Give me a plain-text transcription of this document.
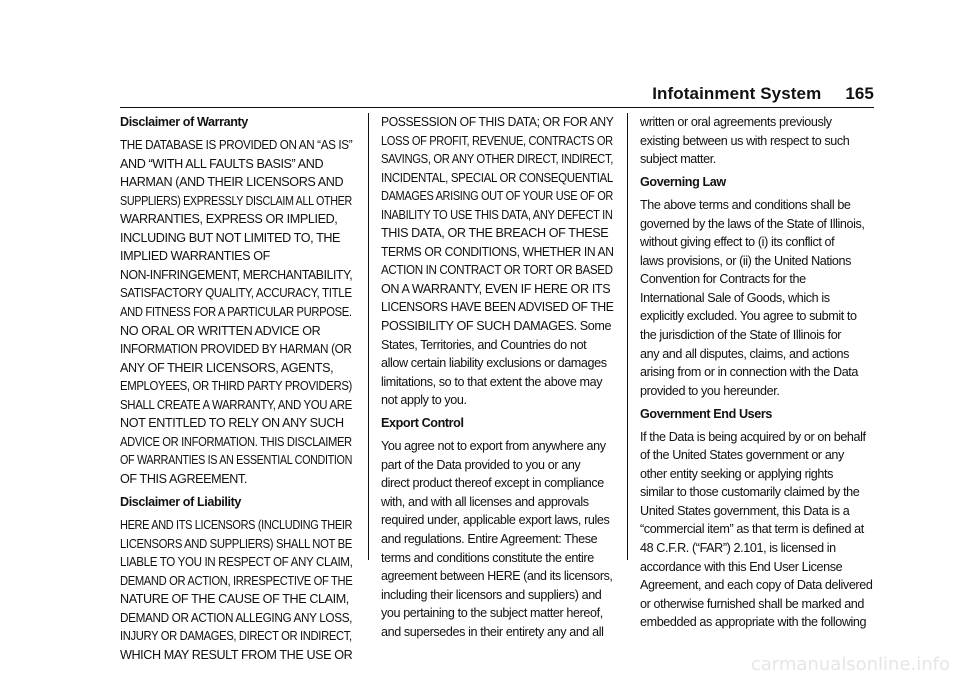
Infotainment System 165
Disclaimer of Warranty
THE DATABASE IS PROVIDED ON AN “AS IS”
AND “WITH ALL FAULTS BASIS” AND
HARMAN (AND THEIR LICENSORS AND
SUPPLIERS) EXPRESSLY DISCLAIM ALL OTHER
WARRANTIES, EXPRESS OR IMPLIED,
INCLUDING BUT NOT LIMITED TO, THE
IMPLIED WARRANTIES OF
NON-INFRINGEMENT, MERCHANTABILITY,
SATISFACTORY QUALITY, ACCURACY, TITLE
AND FITNESS FOR A PARTICULAR PURPOSE.
NO ORAL OR WRITTEN ADVICE OR
INFORMATION PROVIDED BY HARMAN (OR
ANY OF THEIR LICENSORS, AGENTS,
EMPLOYEES, OR THIRD PARTY PROVIDERS)
SHALL CREATE A WARRANTY, AND YOU ARE
NOT ENTITLED TO RELY ON ANY SUCH
ADVICE OR INFORMATION. THIS DISCLAIMER
OF WARRANTIES IS AN ESSENTIAL CONDITION
OF THIS AGREEMENT.
Disclaimer of Liability
HERE AND ITS LICENSORS (INCLUDING THEIR
LICENSORS AND SUPPLIERS) SHALL NOT BE
LIABLE TO YOU IN RESPECT OF ANY CLAIM,
DEMAND OR ACTION, IRRESPECTIVE OF THE
NATURE OF THE CAUSE OF THE CLAIM,
DEMAND OR ACTION ALLEGING ANY LOSS,
INJURY OR DAMAGES, DIRECT OR INDIRECT,
WHICH MAY RESULT FROM THE USE OR
POSSESSION OF THIS DATA; OR FOR ANY
LOSS OF PROFIT, REVENUE, CONTRACTS OR
SAVINGS, OR ANY OTHER DIRECT, INDIRECT,
INCIDENTAL, SPECIAL OR CONSEQUENTIAL
DAMAGES ARISING OUT OF YOUR USE OF OR
INABILITY TO USE THIS DATA, ANY DEFECT IN
THIS DATA, OR THE BREACH OF THESE
TERMS OR CONDITIONS, WHETHER IN AN
ACTION IN CONTRACT OR TORT OR BASED
ON A WARRANTY, EVEN IF HERE OR ITS
LICENSORS HAVE BEEN ADVISED OF THE
POSSIBILITY OF SUCH DAMAGES. Some
States, Territories, and Countries do not
allow certain liability exclusions or damages
limitations, so to that extent the above may
not apply to you.
Export Control
You agree not to export from anywhere any
part of the Data provided to you or any
direct product thereof except in compliance
with, and with all licenses and approvals
required under, applicable export laws, rules
and regulations. Entire Agreement: These
terms and conditions constitute the entire
agreement between HERE (and its licensors,
including their licensors and suppliers) and
you pertaining to the subject matter hereof,
and supersedes in their entirety any and all
written or oral agreements previously
existing between us with respect to such
subject matter.
Governing Law
The above terms and conditions shall be
governed by the laws of the State of Illinois,
without giving effect to (i) its conflict of
laws provisions, or (ii) the United Nations
Convention for Contracts for the
International Sale of Goods, which is
explicitly excluded. You agree to submit to
the jurisdiction of the State of Illinois for
any and all disputes, claims, and actions
arising from or in connection with the Data
provided to you hereunder.
Government End Users
If the Data is being acquired by or on behalf
of the United States government or any
other entity seeking or applying rights
similar to those customarily claimed by the
United States government, this Data is a
“commercial item” as that term is defined at
48 C.F.R. (“FAR”) 2.101, is licensed in
accordance with this End User License
Agreement, and each copy of Data delivered
or otherwise furnished shall be marked and
embedded as appropriate with the following
carmanualsonline.info
